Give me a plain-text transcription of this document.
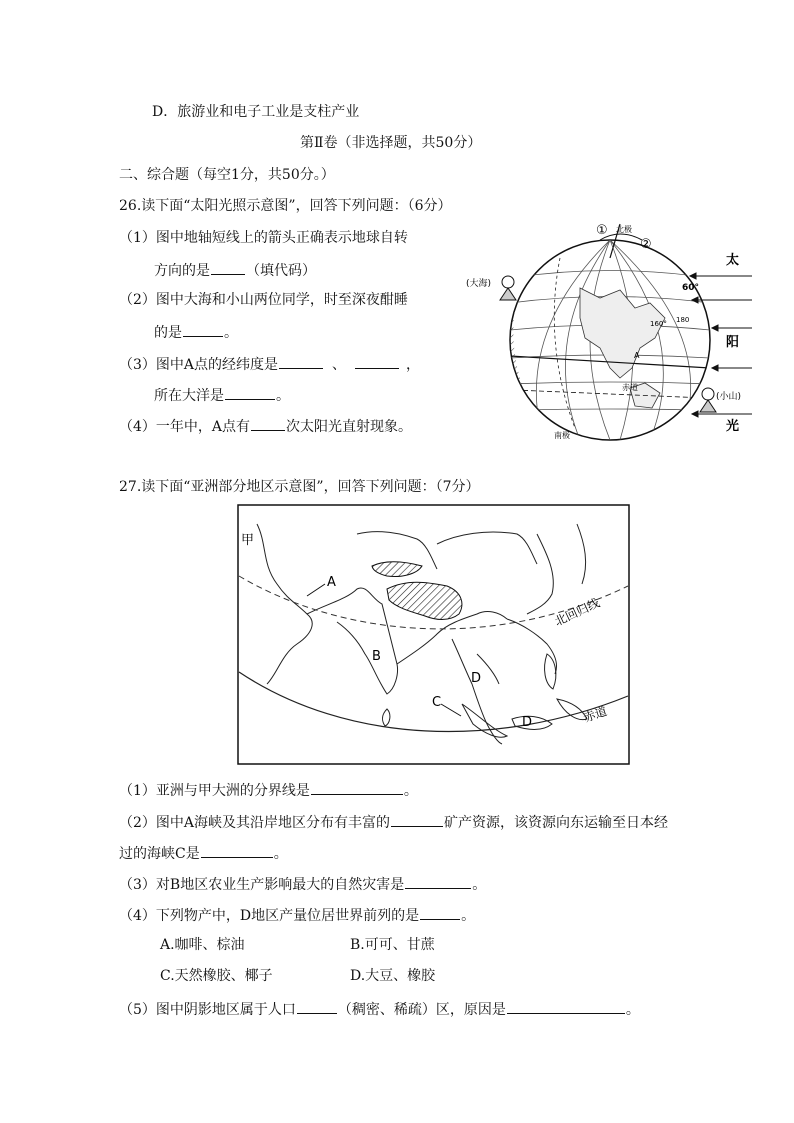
D．旅游业和电子工业是支柱产业
第Ⅱ卷（非选择题，共50分）
二、综合题（每空1分，共50分。）
26.读下面“太阳光照示意图”，回答下列问题：（6分）
（1）图中地轴短线上的箭头正确表示地球自转
方向的是	（填代码）
（2）图中大海和小山两位同学，时至深夜酣睡
的是	。
（3）图中A点的经纬度是	、	，
所在大洋是	。
（4）一年中，A点有	次太阳光直射现象。
①
②
北极
(大海)
(小山)
60°
160° 180
A
赤道
南极
太
阳
光
27.读下面“亚洲部分地区示意图”，回答下列问题：（7分）
甲
A
B
C
D
D
北回归线
赤道
（1）亚洲与甲大洲的分界线是	。
（2）图中A海峡及其沿岸地区分布有丰富的	矿产资源，该资源向东运输至日本经
过的海峡C是	。
（3）对B地区农业生产影响最大的自然灾害是	。
（4）下列物产中，D地区产量位居世界前列的是	。
A.咖啡、棕油	B.可可、甘蔗
C.天然橡胶、椰子	D.大豆、橡胶
（5）图中阴影地区属于人口	（稠密、稀疏）区，原因是	。
